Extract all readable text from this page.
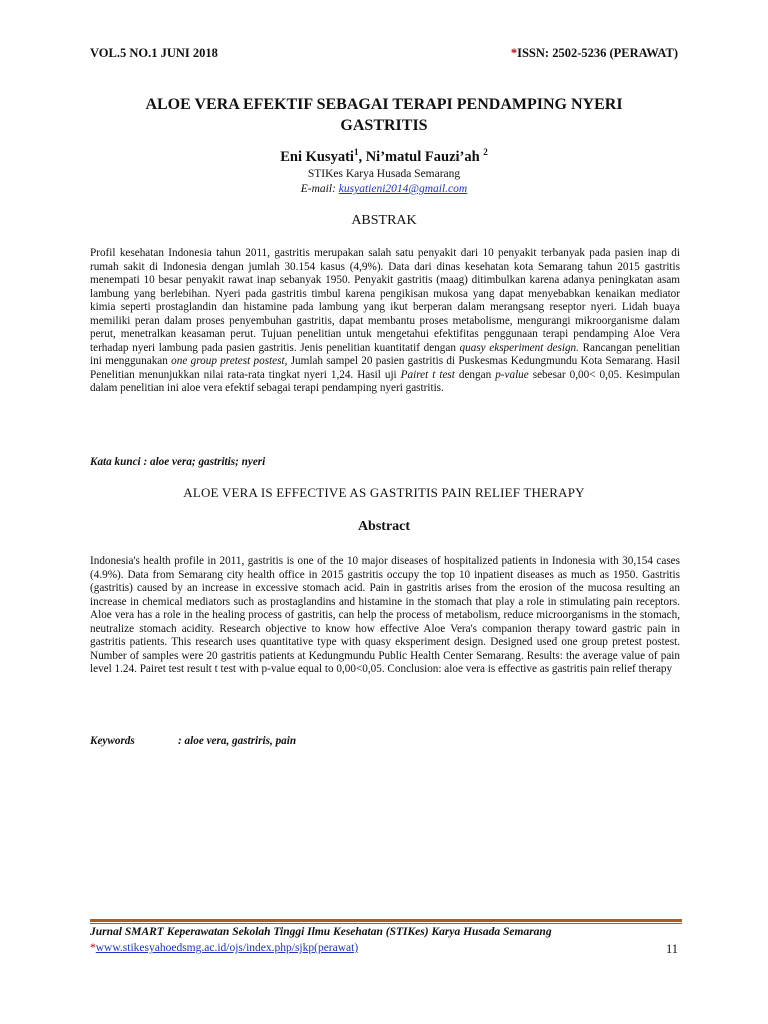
VOL.5 NO.1 JUNI 2018	*ISSN: 2502-5236 (PERAWAT)
ALOE VERA EFEKTIF SEBAGAI TERAPI PENDAMPING NYERI GASTRITIS
Eni Kusyati$^1$, Ni’matul Fauzi’ah $^2$
STIKes Karya Husada Semarang
E-mail: kusyatieni2014@gmail.com
ABSTRAK
Profil kesehatan Indonesia tahun 2011, gastritis merupakan salah satu penyakit dari 10 penyakit terbanyak pada pasien inap di rumah sakit di Indonesia dengan jumlah 30.154 kasus (4,9%). Data dari dinas kesehatan kota Semarang tahun 2015 gastritis menempati 10 besar penyakit rawat inap sebanyak 1950. Penyakit gastritis (maag) ditimbulkan karena adanya peningkatan asam lambung yang berlebihan. Nyeri pada gastritis timbul karena pengikisan mukosa yang dapat menyebabkan kenaikan mediator kimia seperti prostaglandin dan histamine pada lambung yang ikut berperan dalam merangsang reseptor nyeri. Lidah buaya memiliki peran dalam proses penyembuhan gastritis, dapat membantu proses metabolisme, mengurangi mikroorganisme dalam perut, menetralkan keasaman perut. Tujuan penelitian untuk mengetahui efektifitas penggunaan terapi pendamping Aloe Vera terhadap nyeri lambung pada pasien gastritis. Jenis penelitian kuantitatif dengan quasy eksperiment design. Rancangan penelitian ini menggunakan one group pretest postest, Jumlah sampel 20 pasien gastritis di Puskesmas Kedungmundu Kota Semarang. Hasil Penelitian menunjukkan nilai rata-rata tingkat nyeri 1,24. Hasil uji Pairet t test dengan p-value sebesar 0,00< 0,05. Kesimpulan dalam penelitian ini aloe vera efektif sebagai terapi pendamping nyeri gastritis.
Kata kunci : aloe vera; gastritis; nyeri
ALOE VERA IS EFFECTIVE AS GASTRITIS PAIN RELIEF THERAPY
Abstract
Indonesia's health profile in 2011, gastritis is one of the 10 major diseases of hospitalized patients in Indonesia with 30,154 cases (4.9%). Data from Semarang city health office in 2015 gastritis occupy the top 10 inpatient diseases as much as 1950. Gastritis (gastritis) caused by an increase in excessive stomach acid. Pain in gastritis arises from the erosion of the mucosa resulting an increase in chemical mediators such as prostaglandins and histamine in the stomach that play a role in stimulating pain receptors. Aloe vera has a role in the healing process of gastritis, can help the process of metabolism, reduce microorganisms in the stomach, neutralize stomach acidity. Research objective to know how effective Aloe Vera's companion therapy toward gastric pain in gastritis patients. This research uses quantitative type with quasy eksperiment design. Designed used one group pretest postest. Number of samples were 20 gastritis patients at Kedungmundu Public Health Center Semarang. Results: the average value of pain level 1.24. Pairet test result t test with p-value equal to 0,00<0,05. Conclusion: aloe vera is effective as gastritis pain relief therapy
Keywords	: aloe vera, gastriris, pain
Jurnal SMART Keperawatan Sekolah Tinggi Ilmu Kesehatan (STIKes) Karya Husada Semarang
*www.stikesyahoedsmg.ac.id/ojs/index.php/sjkp(perawat)	11
